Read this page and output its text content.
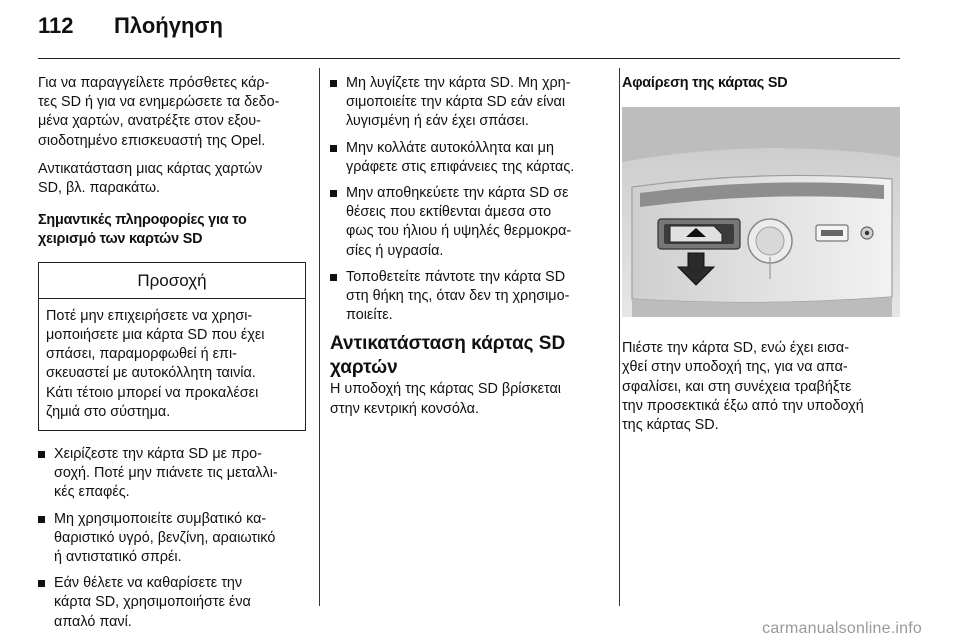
112 Πλοήγηση

Για να παραγγείλετε πρόσθετες κάρ-
τες SD ή για να ενημερώσετε τα δεδο-
μένα χαρτών, ανατρέξτε στον εξου-
σιοδοτημένο επισκευαστή της Opel.

Αντικατάσταση μιας κάρτας χαρτών
SD, βλ. παρακάτω.

Σημαντικές πληροφορίες για το
χειρισμό των καρτών SD

Προσοχή
Ποτέ μην επιχειρήσετε να χρησι-
μοποιήσετε μια κάρτα SD που έχει
σπάσει, παραμορφωθεί ή επι-
σκευαστεί με αυτοκόλλητη ταινία.
Κάτι τέτοιο μπορεί να προκαλέσει
ζημιά στο σύστημα.
Χειρίζεστε την κάρτα SD με προ-
σοχή. Ποτέ μην πιάνετε τις μεταλλι-
κές επαφές.
Μη χρησιμοποιείτε συμβατικό κα-
θαριστικό υγρό, βενζίνη, αραιωτικό
ή αντιστατικό σπρέι.
Εάν θέλετε να καθαρίσετε την
κάρτα SD, χρησιμοποιήστε ένα
απαλό πανί.
Μη λυγίζετε την κάρτα SD. Μη χρη-
σιμοποιείτε την κάρτα SD εάν είναι
λυγισμένη ή εάν έχει σπάσει.
Μην κολλάτε αυτοκόλλητα και μη
γράφετε στις επιφάνειες της κάρτας.
Μην αποθηκεύετε την κάρτα SD σε
θέσεις που εκτίθενται άμεσα στο
φως του ήλιου ή υψηλές θερμοκρα-
σίες ή υγρασία.
Τοποθετείτε πάντοτε την κάρτα SD
στη θήκη της, όταν δεν τη χρησιμο-
ποιείτε.

Αντικατάσταση κάρτας SD
χαρτών

Η υποδοχή της κάρτας SD βρίσκεται
στην κεντρική κονσόλα.

Αφαίρεση της κάρτας SD

Πιέστε την κάρτα SD, ενώ έχει εισα-
χθεί στην υποδοχή της, για να απα-
σφαλίσει, και στη συνέχεια τραβήξτε
την προσεκτικά έξω από την υποδοχή
της κάρτας SD.

carmanualsonline.info
